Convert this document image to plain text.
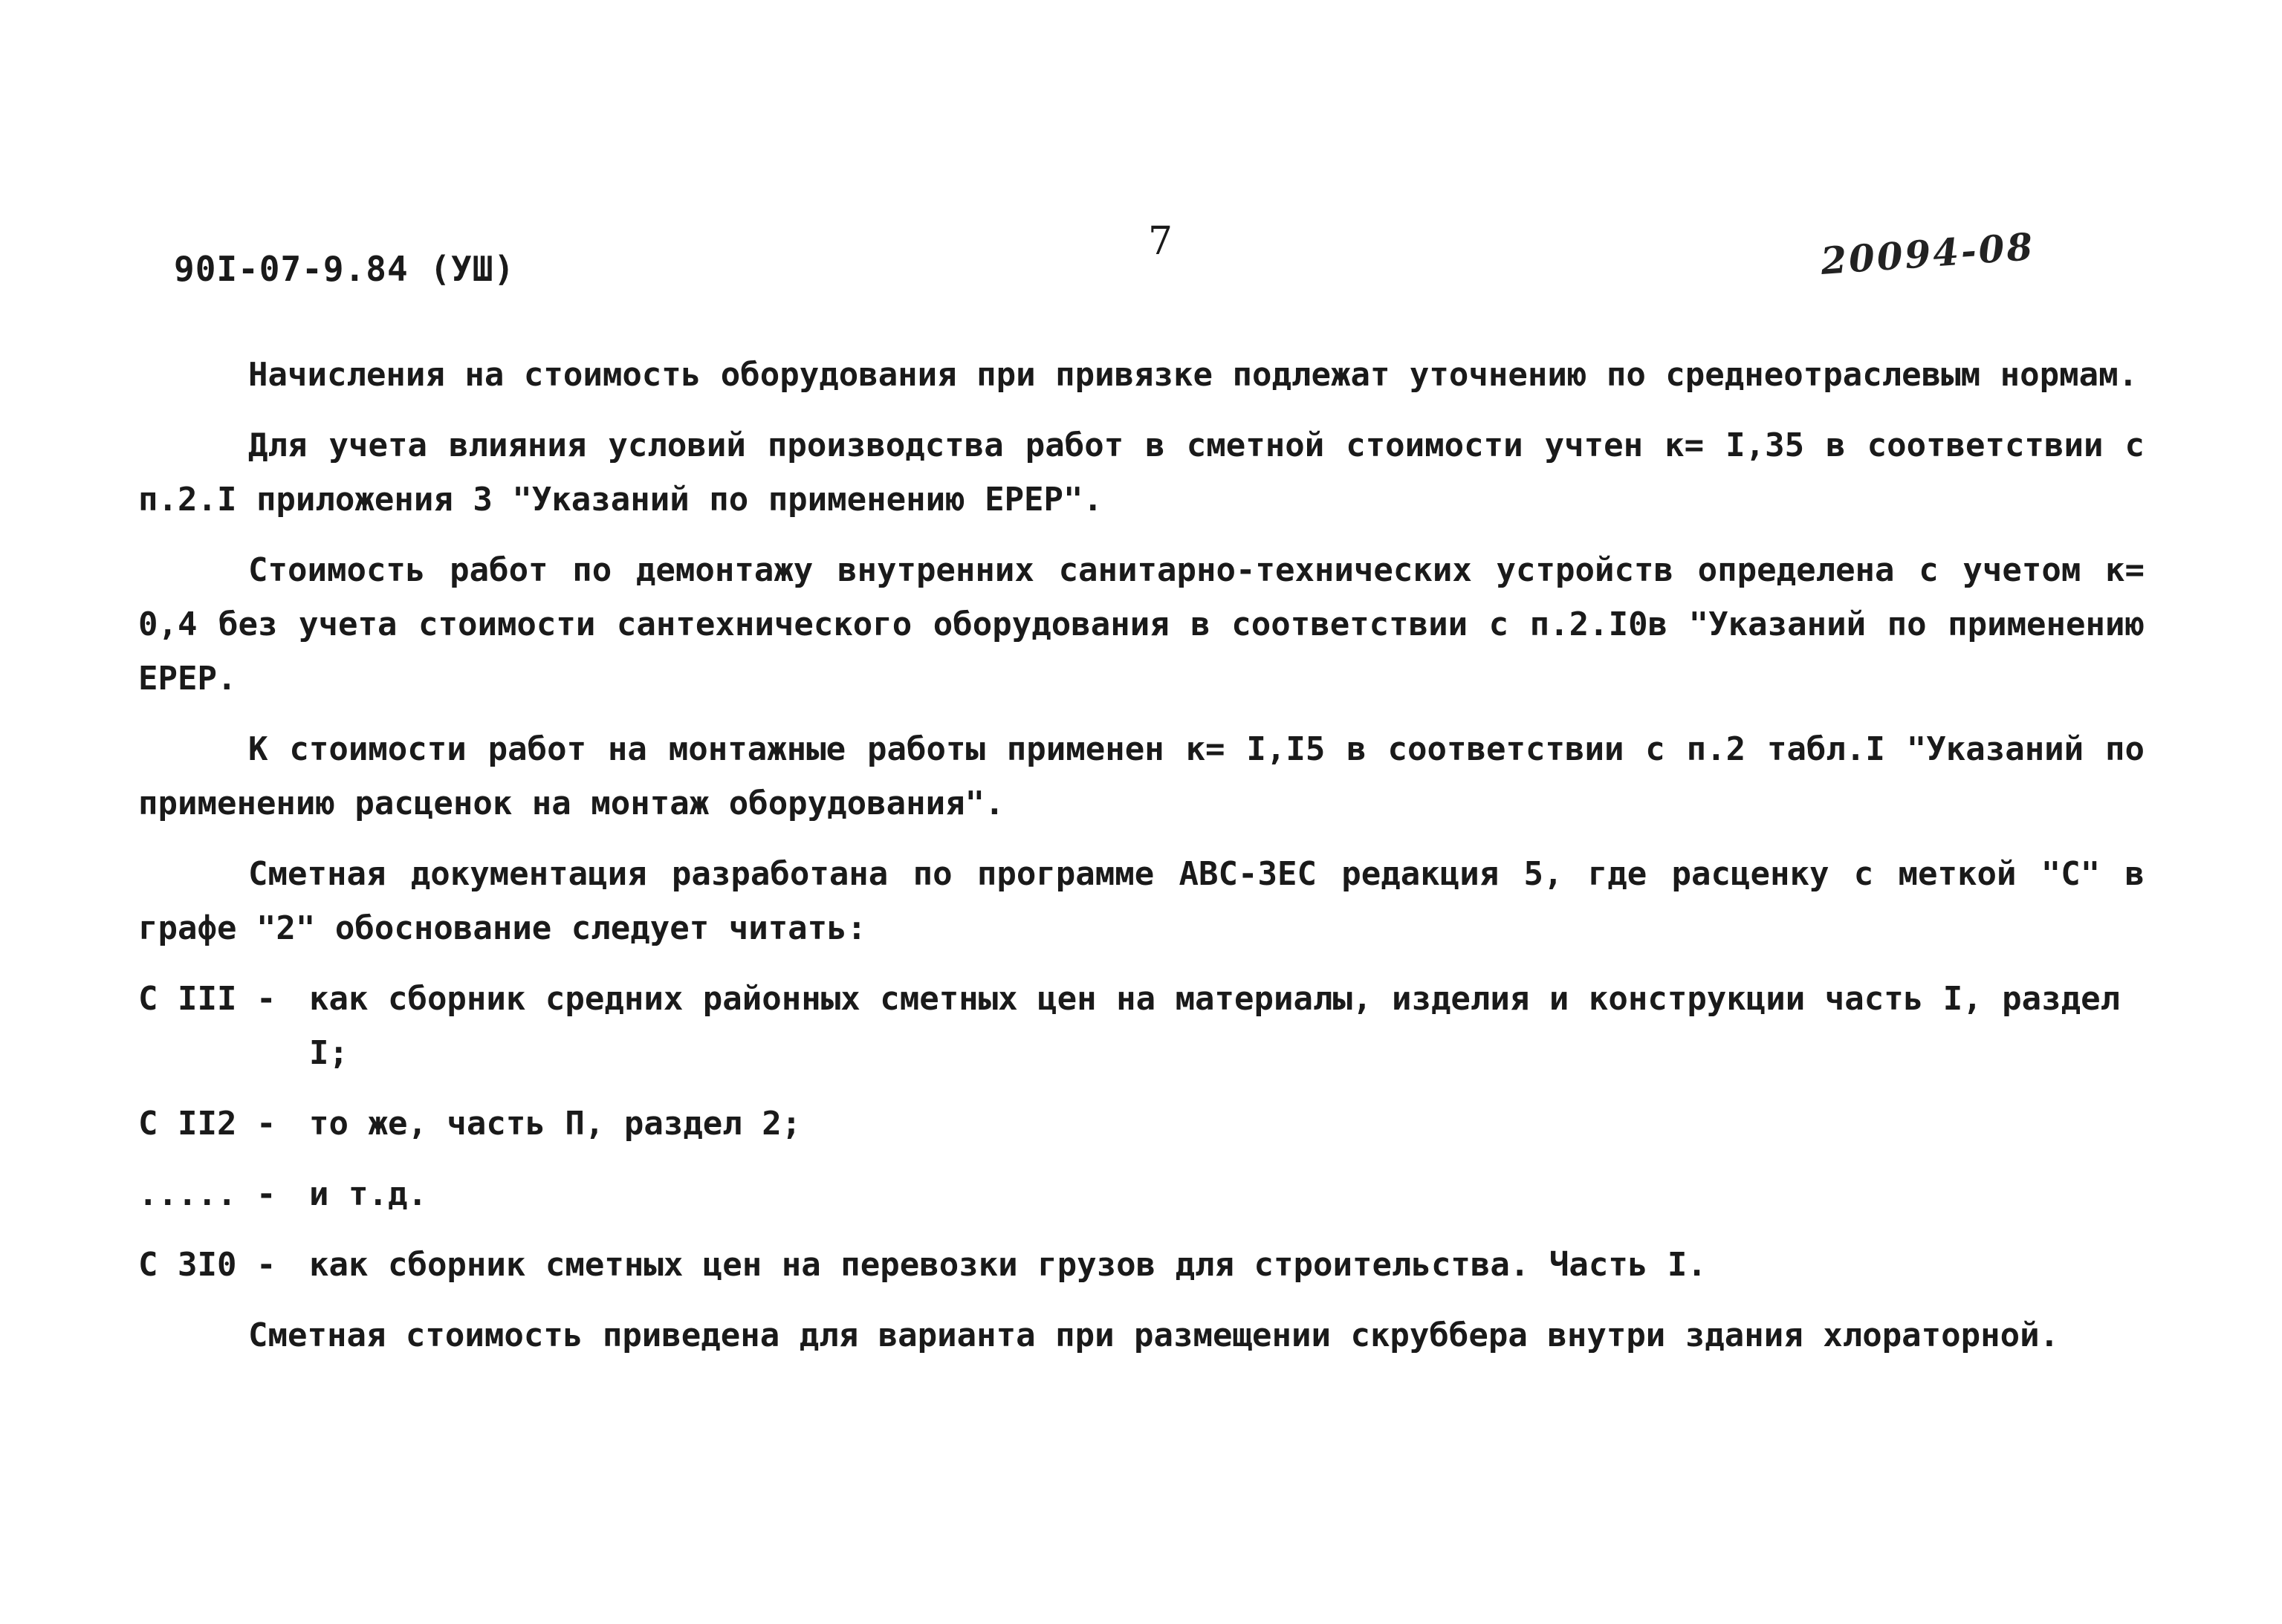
90I-07-9.84 (УШ)
7	20094-08

Начисления на стоимость оборудования при привязке подлежат уточнению по среднеотраслевым нормам.

Для учета влияния условий производства работ в сметной стоимости учтен к= I,35 в соответствии с п.2.I приложения 3 "Указаний по применению ЕРЕР".

Стоимость работ по демонтажу внутренних санитарно-технических устройств определена с учетом к= 0,4 без учета стоимости сантехнического оборудования в соответствии с п.2.I0в "Указаний по применению ЕРЕР.

К стоимости работ на монтажные работы применен к= I,I5 в соответствии с п.2 табл.I "Указаний по применению расценок на монтаж оборудования".

Сметная документация разработана по программе АВС-3ЕС редакция 5, где расценку с меткой "С" в графе "2" обоснование следует читать:

С III -	как сборник средних районных сметных цен на материалы, изделия и конструкции часть I, раздел I;
С II2 -	то же, часть П, раздел 2;
..... -	и т.д.
С 3I0 -	как сборник сметных цен на перевозки грузов для строительства. Часть I.

Сметная стоимость приведена для варианта при размещении скруббера внутри здания хлораторной.
